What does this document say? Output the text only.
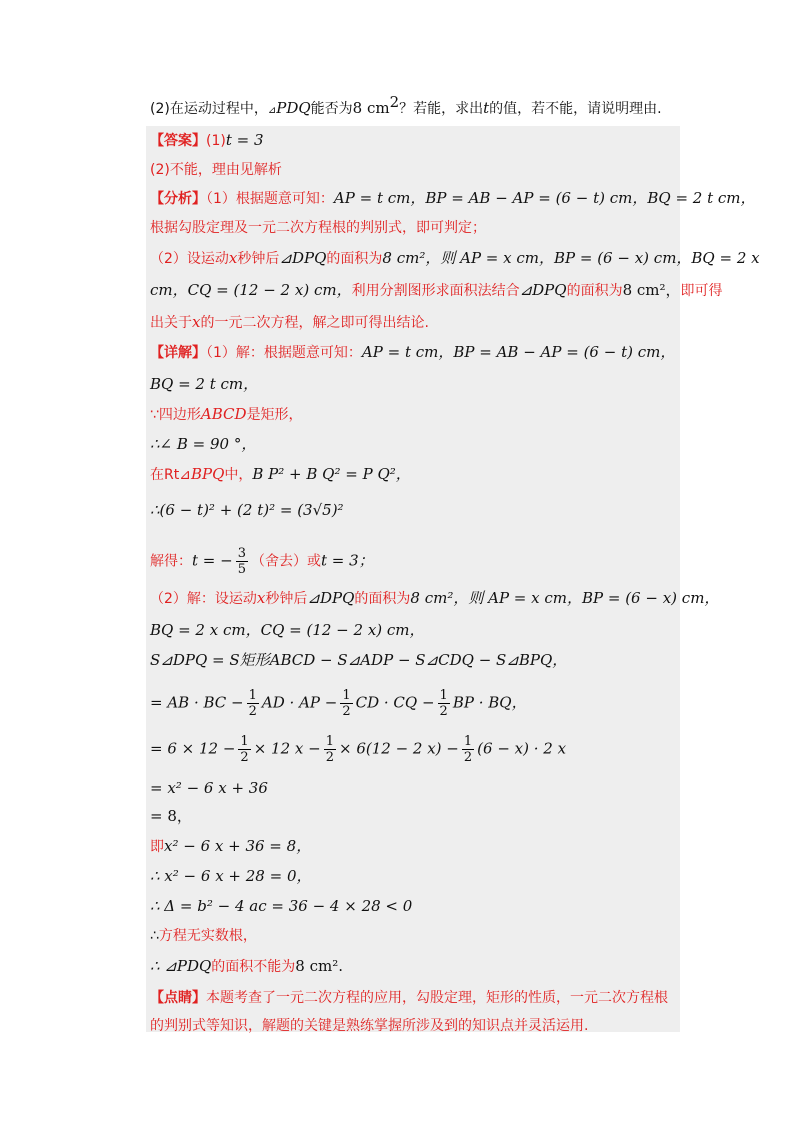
(2)在运动过程中，⊿PDQ能否为8 $cm^2$？若能，求出t的值，若不能，请说明理由.
【答案】(1)t = 3
(2)不能，理由见解析
【分析】（1）根据题意可知：AP = t cm，BP = AB − AP = (6 − t) cm，BQ = 2 t cm，
根据勾股定理及一元二次方程根的判别式，即可判定；
（2）设运动x秒钟后⊿DPQ的面积为8 cm²，则 AP = x cm，BP = (6 − x) cm，BQ = 2 x
cm，CQ = (12 − 2 x) cm，利用分割图形求面积法结合⊿DPQ的面积为8 cm²，即可得
出关于x的一元二次方程，解之即可得出结论.
【详解】（1）解：根据题意可知：AP = t cm，BP = AB − AP = (6 − t) cm，
BQ = 2 t cm，
∵四边形ABCD是矩形，
∴∠ B = 90 °，
在Rt⊿BPQ中，B P² + B Q² = P Q²，
∴(6 − t)² + (2 t)² = (3√5)²
解得：t = − $\frac{3}{5}$ （舍去）或t = 3；
（2）解：设运动x秒钟后⊿DPQ的面积为8 cm²，则 AP = x cm，BP = (6 − x) cm，
BQ = 2 x cm，CQ = (12 − 2 x) cm，
S⊿DPQ = S矩形ABCD − S⊿ADP − S⊿CDQ − S⊿BPQ，
= AB · BC − $\frac{1}{2}$ AD · AP − $\frac{1}{2}$ CD · CQ − $\frac{1}{2}$ BP · BQ，
= $6 \times 12 - \frac{1}{2} \times 12$ $x - \frac{1}{2} \times 6(12 - 2$ $x) - \frac{1}{2} (6 - x) \cdot 2$ x
= x² − 6 x + 36
= 8，
即x² − 6 x + 36 = 8，
∴ x² − 6 x + 28 = 0，
∴ Δ = b² − 4 ac = 36 − 4 × 28 < 0
∴方程无实数根，
∴ ⊿PDQ的面积不能为8 cm².
【点睛】本题考查了一元二次方程的应用，勾股定理，矩形的性质，一元二次方程根
的判别式等知识，解题的关键是熟练掌握所涉及到的知识点并灵活运用.
